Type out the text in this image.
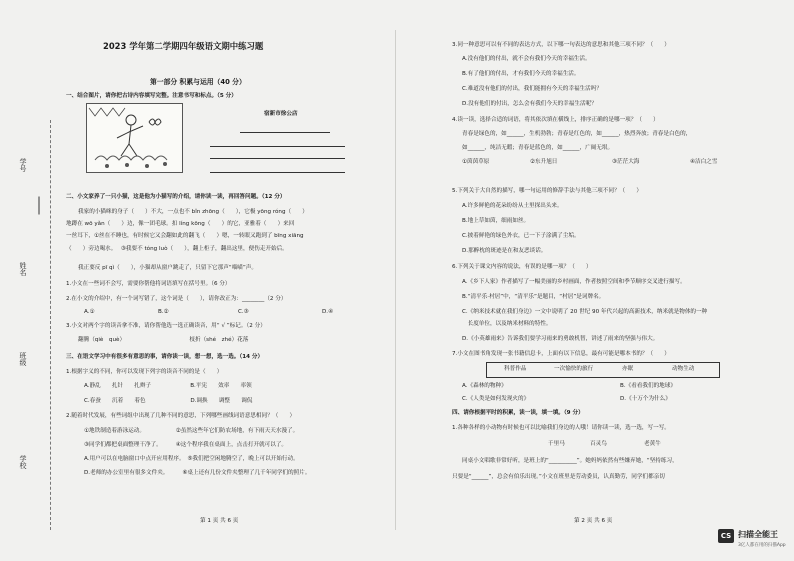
学号
姓名
班级
学校
2023 学年第二学期四年级语文期中练习题
第一部分 积累与运用（40 分）
一、结合图片，请你把古诗内容填写完整。注意书写和标点。（5 分）
宿新市徐公店
二、小文家养了一只小猫，这是他为小猫写的介绍，请你读一读，再回答问题。（12 分）
我家的小猫咪的身子（　　）不大，一点也不 bǐn zhōng（　　），它极 yōng róng（　　）
地蹲在 wō yǎn（　　）边，像一团毛球。扣 líng kōng（　　）的它，亚雅着（　　）来回
一丝耳下，①丝在不睡也，有时候它又会翻如此的翻飞（　　）嗯，一转眼又跑到了 bīng xiāng
（　　）旁边喝水。　 ③我要不 tóng luò（　　），翻上柜子，翻出这里，便伤走开始后。
我正要反 pī qì（　　），小猫却从窗户跳走了，只留下它那声“喵喵”声。
1.小文在一些词不会写，需要你帮他将词语填写在括号里。（6 分）
2.在小文的介绍中，有一个词写错了，这个词是（　　），请你改正为：________（2 分）
A.①	B.②	C.③	D.④
3.小文对两个字的读音拿不准，请你帮他选一选正确读音，用“ √ ”标记。（2 分）
翻腾（qiè　què）　　　　　　　　　　　　枝折（shé　zhé）花落
三、在语文学习中有很多有意思的事，请你读一读，想一想，选一选。（14 分）
1.根据字义的不同，你可以发现下列字的读音不同的是（　　）
A.静乱　　扎针　　扎辫子　　　　　　　B.平宪　　效率　　率领
C.春蚕　　沉着　　着色　　　　　　　　D.调换　　调整　　调侃
2.随着时代发展，有些词组中出现了几种不同的意思，下列哪些画线词语意思相同？（　　）
①地铁制造着游泳运动。　　　　　　②虽然这些年它们防农场地，有下雨天天水漫了。
③同学们都把桌面整理干净了。　　　④这个程序我在桌面上，点击打开就可以了。
A.用户可以在电脑窗口中点开应用程序。　⑤我们把空闲地腾空了，晚上可以开始行动。
D.老师的办公室里有很多文件夹。　　　⑥桌上还有几份文件夹整理了几千年同学们的照片。
第 1 页 共 6 页
3.同一种意思可以有不同的表达方式，以下哪一句表达的意思和其他三项不同？（　　）
A.没有他们的付出，就不会有我们今天的幸福生活。
B.有了他们的付出，才有我们今天的幸福生活。
C.难道没有他们的付出，我们能拥有今天的幸福生活吗？
D.没有他们的付出，怎么会有我们今天的幸福生活呢？
4.读一读，选择合适的词语，将其依次填在横线上，排序正确的是哪一项？（　　）
青春是绿色的，如______，生机勃勃；青春是红色的，如______，热烈奔放；青春是白色的，
如______，纯洁无暇；青春是蓝色的，如______，广阔无垠。
①茵茵草原	②东升旭日	③茫茫大海	④洁白之雪
5.下列关于大自然的描写，哪一句运用的修辞手法与其他三项不同？（　　）
A.许多鲜艳的花朵纷纷从土里探出头来。
B.地上草如茵，细雨如丝。
C.披着鲜艳的绿色外衣，已一下子涂满了尘垢。
D.那醉枕的斑迹是在和友恶谈话。
6.下列关于课文内容的说法，有误的是哪一项？（　　）
A.《乡下人家》作者描写了一幅美丽的乡村画面，作者按照空间和季节顺序交叉进行描写。
B.“清平乐·村居”中，“清平乐”是题目，“村居”是词牌名。
C.《纳米技术就在我们身边》一文中说明了 20 世纪 90 年代兴起的高新技术，纳米就是物体的一种
　长度单位，以及纳米材料的特性。
D.《小英雄雨来》告诉我们要学习雨来的勇敢机智，讲述了雨来的坚强与伟大。
7.小文在图书角发现一张书籍信息卡，上面有以下信息，最有可能是哪本书的？（　　）
科普作品	一次愉快的旅行	亦眠	动物生动
A.《森林的物种》	B.《看看我们的地球》
C.《人类是如何发现火的》	D.《十万个为什么》
四、请你根据平时的积累，读一读，填一填。（9 分）
1.各种各样的小动物有时候也可以比喻我们身边的人哦！请你读一读，选一选，写一写。
千里马	百灵鸟	老黄牛
同桌小文唱歌非常好听，是班上的“__________”。她妈妈依然有些嫌弃她，“坚持练习，
只要是“______”，总会有伯乐出现。”小文在班里是劳动委员，认真勤劳，同学们都亲切
第 2 页 共 6 页
CS 扫描全能王
3亿人都在用的扫描App
